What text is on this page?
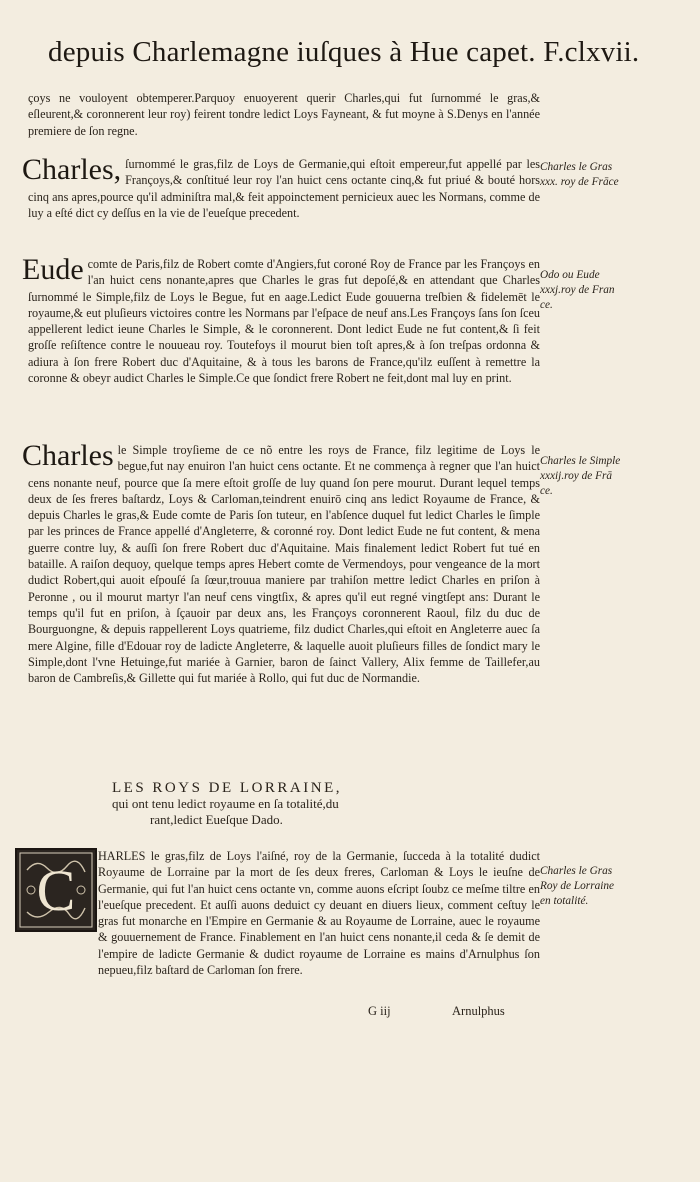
depuis Charlemagne iuſques à Hue capet. F.clxvii.

çoys ne vouloyent obtemperer.Parquoy enuoyerent querir Charles,qui fut ſurnommé le gras,& eſleurent,& coronnerent leur roy) feirent tondre ledict Loys Fayneant, & fut moyne à S.Denys en l'année premiere de ſon regne.

Charles, ſurnommé le gras,filz de Loys de Germanie,qui eſtoit empereur,fut appellé par les Françoys,& conſtitué leur roy l'an huict cens octante cinq,& fut priué & bouté hors cinq ans apres,pource qu'il adminiſtra mal,& feit appoinctement pernicieux auec les Normans, comme de luy a eſté dict cy deſſus en la vie de l'eueſque precedent.

Eude comte de Paris,filz de Robert comte d'Angiers,fut coroné Roy de France par les Françoys en l'an huict cens nonante,apres que Charles le gras fut depoſé,& en attendant que Charles ſurnommé le Simple,filz de Loys le Begue, fut en aage.Ledict Eude gouuerna treſbien & fidelemēt le royaume,& eut pluſieurs victoires contre les Normans par l'eſpace de neuf ans.Les Françoys ſans ſon ſceu appellerent ledict ieune Charles le Simple, & le coronnerent. Dont ledict Eude ne fut content,& ſi feit groſſe reſiſtence contre le nouueau roy. Toutefoys il mourut bien toſt apres,& à ſon treſpas ordonna & adiura à ſon frere Robert duc d'Aquitaine, & à tous les barons de France,qu'ilz euſſent à remettre la coronne & obeyr audict Charles le Simple.Ce que ſondict frere Robert ne feit,dont mal luy en print.

Charles le Simple troyſieme de ce nõ entre les roys de France, filz legitime de Loys le begue,fut nay enuiron l'an huict cens octante. Et ne commença à regner que l'an huict cens nonante neuf, pource que ſa mere eſtoit groſſe de luy quand ſon pere mourut. Durant lequel temps deux de ſes freres baſtardz, Loys & Carloman,teindrent enuirō cinq ans ledict Royaume de France, & depuis Charles le gras,& Eude comte de Paris ſon tuteur, en l'abſence duquel fut ledict Charles le ſimple par les princes de France appellé d'Angleterre, & coronné roy. Dont ledict Eude ne fut content, & mena guerre contre luy, & auſſi ſon frere Robert duc d'Aquitaine. Mais finalement ledict Robert fut tué en bataille. A raiſon dequoy, quelque temps apres Hebert comte de Vermendoys, pour vengeance de la mort dudict Robert,qui auoit eſpouſé ſa ſœur,trouua maniere par trahiſon mettre ledict Charles en priſon à Peronne , ou il mourut martyr l'an neuf cens vingtſix, & apres qu'il eut regné vingtſept ans: Durant le temps qu'il fut en priſon, à ſçauoir par deux ans, les Françoys coronnerent Raoul, filz du duc de Bourguongne, & depuis rappellerent Loys quatrieme, filz dudict Charles,qui eſtoit en Angleterre auec ſa mere Algine, fille d'Edouar roy de ladicte Angleterre, & laquelle auoit pluſieurs filles de ſondict mary le Simple,dont l'vne Hetuinge,fut mariée à Garnier, baron de ſainct Vallery, Alix femme de Taillefer,au baron de Cambreſis,& Gillette qui fut mariée à Rollo, qui fut duc de Normandie.

LES ROYS DE LORRAINE,
qui ont tenu ledict royaume en ſa totalité,du
rant,ledict Eueſque Dado.
C

HARLES le gras,filz de Loys l'aiſné, roy de la Germanie, ſucceda à la totalité dudict Royaume de Lorraine par la mort de ſes deux freres, Carloman & Loys le ieuſne de Germanie, qui fut l'an huict cens octante vn, comme auons eſcript ſoubz ce meſme tiltre en l'eueſque precedent. Et auſſi auons deduict cy deuant en diuers lieux, comment ceſtuy le gras fut monarche en l'Empire en Germanie & au Royaume de Lorraine, auec le royaume & gouuernement de France. Finablement en l'an huict cens nonante,il ceda & ſe demit de l'empire de ladicte Germanie & dudict royaume de Lorraine es mains d'Arnulphus ſon nepueu,filz baſtard de Carloman ſon frere.

Charles le Gras
xxx. roy de Frāce
Odo ou Eude
xxxj.roy de Fran
ce.
Charles le Simple
xxxij.roy de Frā
ce.
Charles le Gras
Roy de Lorraine
en totalité.
G iij	Arnulphus
